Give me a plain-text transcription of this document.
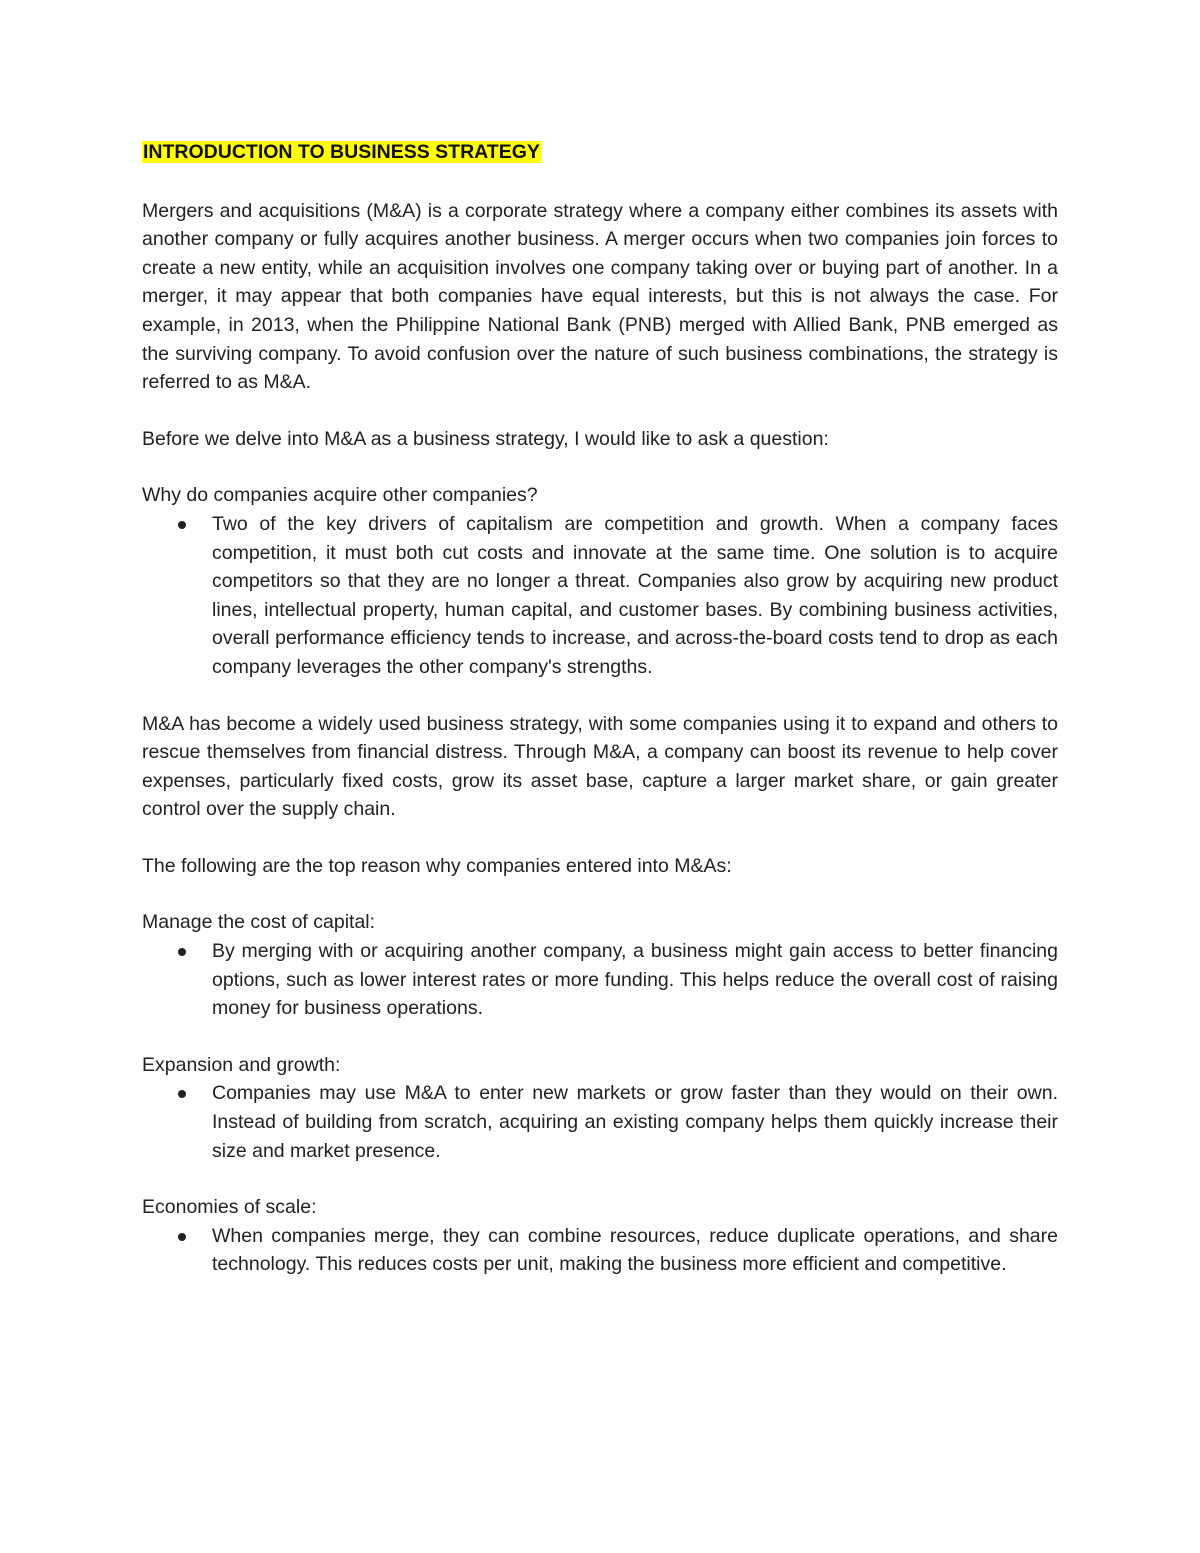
INTRODUCTION TO BUSINESS STRATEGY

Mergers and acquisitions (M&A) is a corporate strategy where a company either combines its assets with another company or fully acquires another business. A merger occurs when two companies join forces to create a new entity, while an acquisition involves one company taking over or buying part of another. In a merger, it may appear that both companies have equal interests, but this is not always the case. For example, in 2013, when the Philippine National Bank (PNB) merged with Allied Bank, PNB emerged as the surviving company. To avoid confusion over the nature of such business combinations, the strategy is referred to as M&A.

Before we delve into M&A as a business strategy, I would like to ask a question:

Why do companies acquire other companies?

Two of the key drivers of capitalism are competition and growth. When a company faces competition, it must both cut costs and innovate at the same time. One solution is to acquire competitors so that they are no longer a threat. Companies also grow by acquiring new product lines, intellectual property, human capital, and customer bases. By combining business activities, overall performance efficiency tends to increase, and across-the-board costs tend to drop as each company leverages the other company's strengths.

M&A has become a widely used business strategy, with some companies using it to expand and others to rescue themselves from financial distress. Through M&A, a company can boost its revenue to help cover expenses, particularly fixed costs, grow its asset base, capture a larger market share, or gain greater control over the supply chain.

The following are the top reason why companies entered into M&As:

Manage the cost of capital:

By merging with or acquiring another company, a business might gain access to better financing options, such as lower interest rates or more funding. This helps reduce the overall cost of raising money for business operations.

Expansion and growth:

Companies may use M&A to enter new markets or grow faster than they would on their own. Instead of building from scratch, acquiring an existing company helps them quickly increase their size and market presence.

Economies of scale:

When companies merge, they can combine resources, reduce duplicate operations, and share technology. This reduces costs per unit, making the business more efficient and competitive.
